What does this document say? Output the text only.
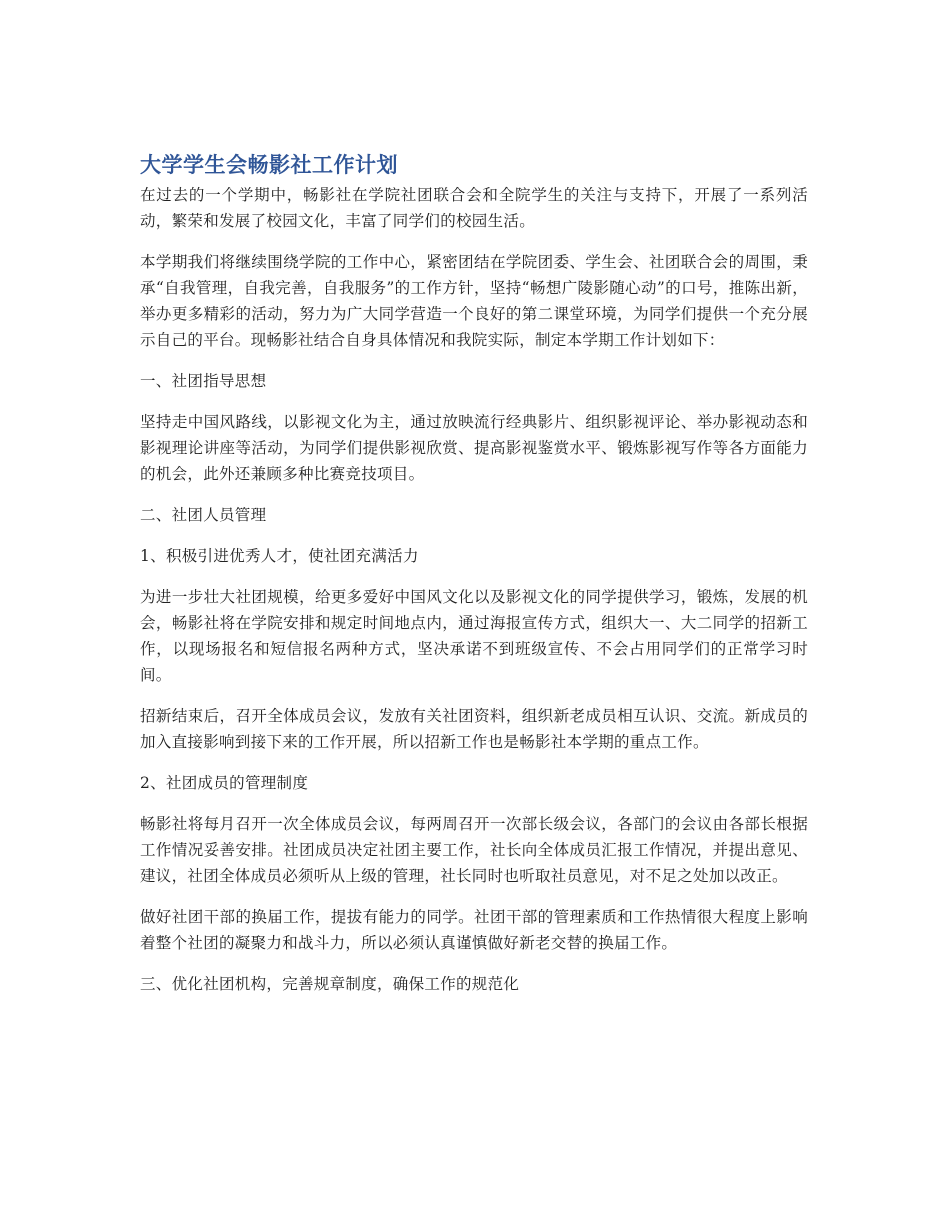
大学学生会畅影社工作计划

在过去的一个学期中，畅影社在学院社团联合会和全院学生的关注与支持下，开展了一系列活动，繁荣和发展了校园文化，丰富了同学们的校园生活。

本学期我们将继续围绕学院的工作中心，紧密团结在学院团委、学生会、社团联合会的周围，秉承“自我管理，自我完善，自我服务”的工作方针，坚持“畅想广陵影随心动”的口号，推陈出新，举办更多精彩的活动，努力为广大同学营造一个良好的第二课堂环境，为同学们提供一个充分展示自己的平台。现畅影社结合自身具体情况和我院实际，制定本学期工作计划如下：

一、社团指导思想

坚持走中国风路线，以影视文化为主，通过放映流行经典影片、组织影视评论、举办影视动态和影视理论讲座等活动，为同学们提供影视欣赏、提高影视鉴赏水平、锻炼影视写作等各方面能力的机会，此外还兼顾多种比赛竞技项目。

二、社团人员管理

1、积极引进优秀人才，使社团充满活力

为进一步壮大社团规模，给更多爱好中国风文化以及影视文化的同学提供学习，锻炼，发展的机会，畅影社将在学院安排和规定时间地点内，通过海报宣传方式，组织大一、大二同学的招新工作，以现场报名和短信报名两种方式，坚决承诺不到班级宣传、不会占用同学们的正常学习时间。

招新结束后，召开全体成员会议，发放有关社团资料，组织新老成员相互认识、交流。新成员的加入直接影响到接下来的工作开展，所以招新工作也是畅影社本学期的重点工作。

2、社团成员的管理制度

畅影社将每月召开一次全体成员会议，每两周召开一次部长级会议，各部门的会议由各部长根据工作情况妥善安排。社团成员决定社团主要工作，社长向全体成员汇报工作情况，并提出意见、建议，社团全体成员必须听从上级的管理，社长同时也听取社员意见，对不足之处加以改正。

做好社团干部的换届工作，提拔有能力的同学。社团干部的管理素质和工作热情很大程度上影响着整个社团的凝聚力和战斗力，所以必须认真谨慎做好新老交替的换届工作。

三、优化社团机构，完善规章制度，确保工作的规范化
